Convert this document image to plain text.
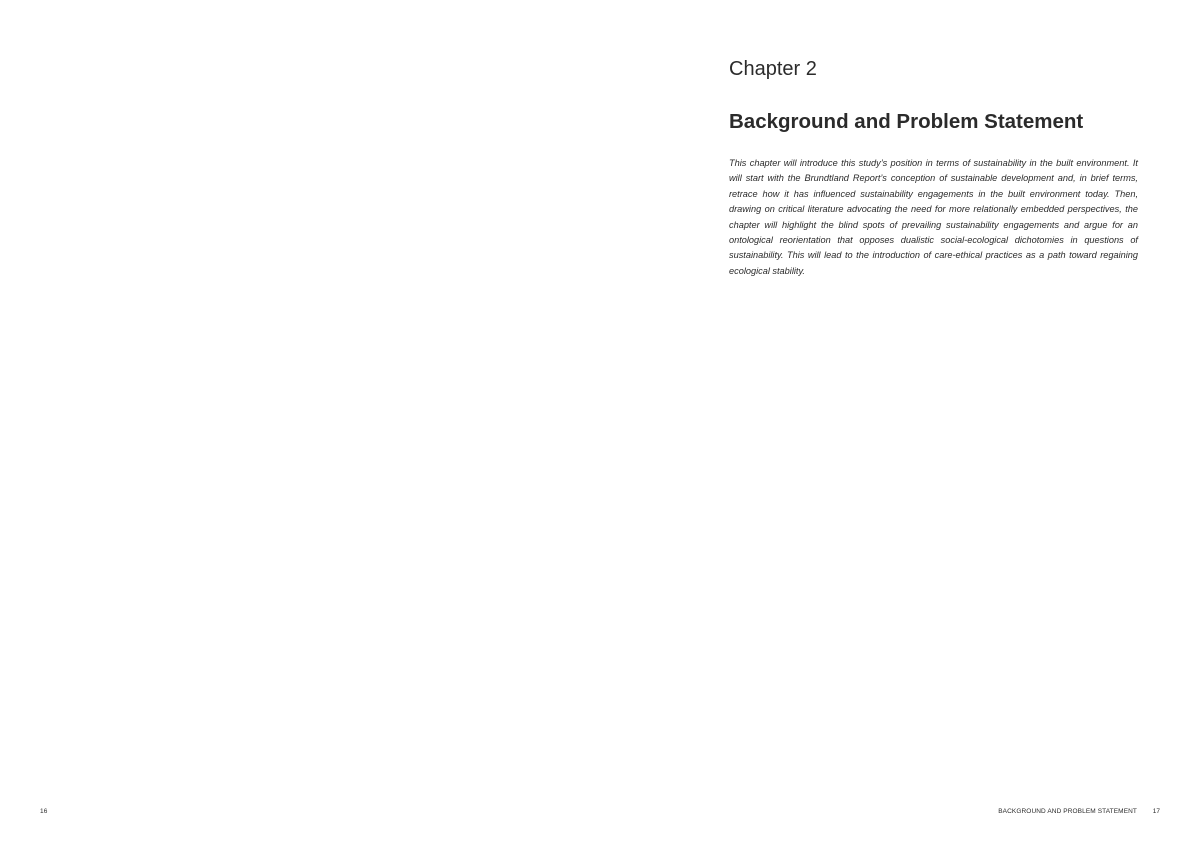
16
Chapter 2
Background and Problem Statement

This chapter will introduce this study’s position in terms of sustainability in the built environment. It will start with the Brundtland Report’s conception of sustainable development and, in brief terms, retrace how it has influenced sustainability engagements in the built environment today. Then, drawing on critical literature advocating the need for more relationally embedded perspectives, the chapter will highlight the blind spots of prevailing sustainability engagements and argue for an ontological reorientation that opposes dualistic social-ecological dichotomies in questions of sustainability. This will lead to the introduction of care-ethical practices as a path toward regaining ecological stability.

BACKGROUND AND PROBLEM STATEMENT 17
